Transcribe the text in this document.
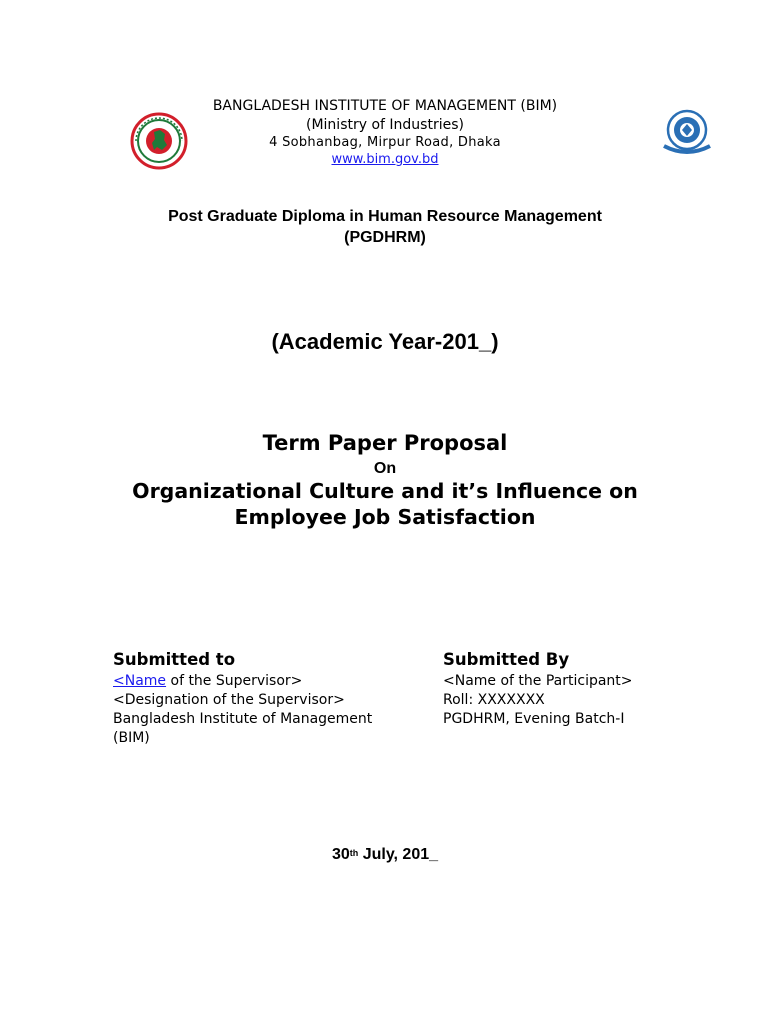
BANGLADESH INSTITUTE OF MANAGEMENT (BIM)
(Ministry of Industries)
4 Sobhanbag, Mirpur Road, Dhaka
www.bim.gov.bd
Post Graduate Diploma in Human Resource Management
(PGDHRM)
(Academic Year-201_)
Term Paper Proposal
On
Organizational Culture and it’s Influence on
Employee Job Satisfaction
Submitted to
<Name of the Supervisor>
<Designation of the Supervisor>
Bangladesh Institute of Management
(BIM)
Submitted By
<Name of the Participant>
Roll: XXXXXXX
PGDHRM, Evening Batch-I
30th July, 201_
